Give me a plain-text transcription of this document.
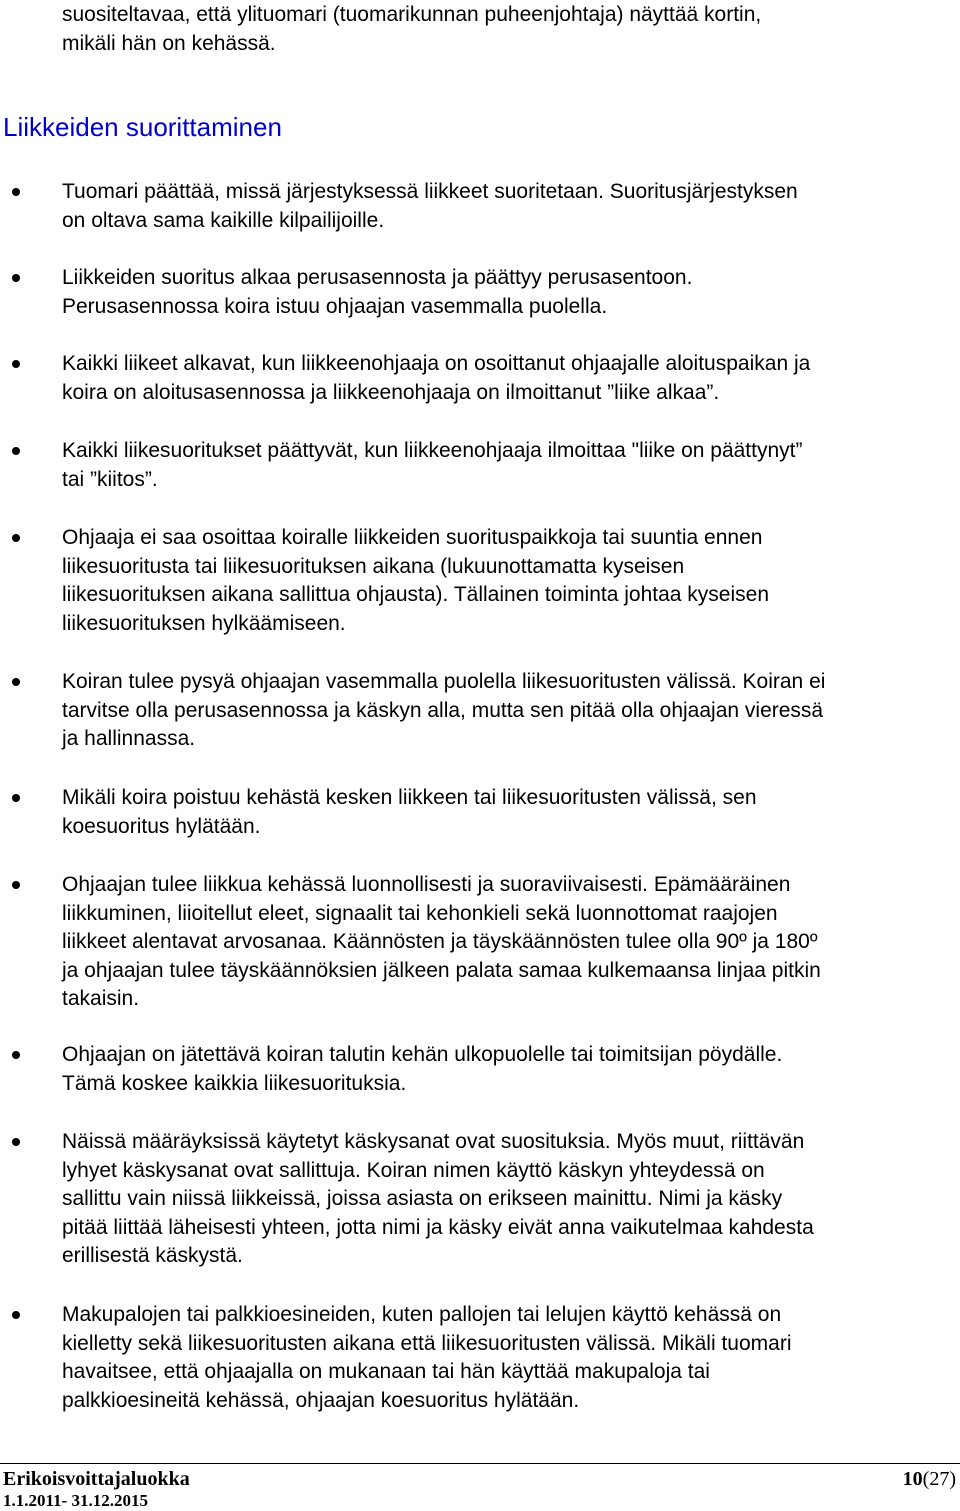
suositeltavaa, että ylituomari (tuomarikunnan puheenjohtaja) näyttää kortin,
mikäli hän on kehässä.
Liikkeiden suorittaminen
Tuomari päättää, missä järjestyksessä liikkeet suoritetaan. Suoritusjärjestyksen
on oltava sama kaikille kilpailijoille.
Liikkeiden suoritus alkaa perusasennosta ja päättyy perusasentoon.
Perusasennossa koira istuu ohjaajan vasemmalla puolella.
Kaikki liikeet alkavat, kun liikkeenohjaaja on osoittanut ohjaajalle aloituspaikan ja
koira on aloitusasennossa ja liikkeenohjaaja on ilmoittanut ”liike alkaa”.
Kaikki liikesuoritukset päättyvät, kun liikkeenohjaaja ilmoittaa "liike on päättynyt”
tai ”kiitos”.
Ohjaaja ei saa osoittaa koiralle liikkeiden suorituspaikkoja tai suuntia ennen
liikesuoritusta tai liikesuorituksen aikana (lukuunottamatta kyseisen
liikesuorituksen aikana sallittua ohjausta). Tällainen toiminta johtaa kyseisen
liikesuorituksen hylkäämiseen.
Koiran tulee pysyä ohjaajan vasemmalla puolella liikesuoritusten välissä. Koiran ei
tarvitse olla perusasennossa ja käskyn alla, mutta sen pitää olla ohjaajan vieressä
ja hallinnassa.
Mikäli koira poistuu kehästä kesken liikkeen tai liikesuoritusten välissä, sen
koesuoritus hylätään.
Ohjaajan tulee liikkua kehässä luonnollisesti ja suoraviivaisesti. Epämääräinen
liikkuminen, liioitellut eleet, signaalit tai kehonkieli sekä luonnottomat raajojen
liikkeet alentavat arvosanaa. Käännösten ja täyskäännösten tulee olla 90º ja 180º
ja ohjaajan tulee täyskäännöksien jälkeen palata samaa kulkemaansa linjaa pitkin
takaisin.
Ohjaajan on jätettävä koiran talutin kehän ulkopuolelle tai toimitsijan pöydälle.
Tämä koskee kaikkia liikesuorituksia.
Näissä määräyksissä käytetyt käskysanat ovat suosituksia. Myös muut, riittävän
lyhyet käskysanat ovat sallittuja. Koiran nimen käyttö käskyn yhteydessä on
sallittu vain niissä liikkeissä, joissa asiasta on erikseen mainittu. Nimi ja käsky
pitää liittää läheisesti yhteen, jotta nimi ja käsky eivät anna vaikutelmaa kahdesta
erillisestä käskystä.
Makupalojen tai palkkioesineiden, kuten pallojen tai lelujen käyttö kehässä on
kielletty sekä liikesuoritusten aikana että liikesuoritusten välissä. Mikäli tuomari
havaitsee, että ohjaajalla on mukanaan tai hän käyttää makupaloja tai
palkkioesineitä kehässä, ohjaajan koesuoritus hylätään.
Erikoisvoittajaluokka
1.1.2011- 31.12.2015
10(27)
